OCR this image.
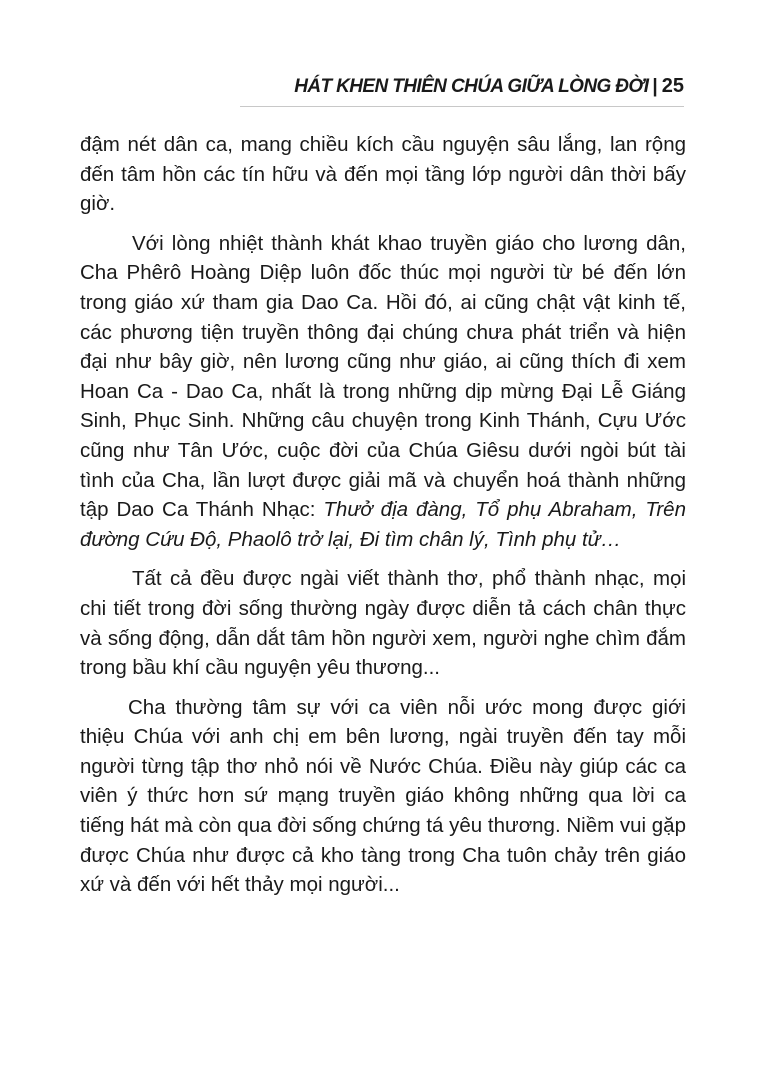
HÁT KHEN THIÊN CHÚA GIỮA LÒNG ĐỜI | 25

đậm nét dân ca, mang chiều kích cầu nguyện sâu lắng, lan rộng đến tâm hồn các tín hữu và đến mọi tầng lớp người dân thời bấy giờ.

Với lòng nhiệt thành khát khao truyền giáo cho lương dân, Cha Phêrô Hoàng Diệp luôn đốc thúc mọi người từ bé đến lớn trong giáo xứ tham gia Dao Ca. Hồi đó, ai cũng chật vật kinh tế, các phương tiện truyền thông đại chúng chưa phát triển và hiện đại như bây giờ, nên lương cũng như giáo, ai cũng thích đi xem Hoan Ca - Dao Ca, nhất là trong những dịp mừng Đại Lễ Giáng Sinh, Phục Sinh. Những câu chuyện trong Kinh Thánh, Cựu Ước cũng như Tân Ước, cuộc đời của Chúa Giêsu dưới ngòi bút tài tình của Cha, lần lượt được giải mã và chuyển hoá thành những tập Dao Ca Thánh Nhạc: Thưở địa đàng, Tổ phụ Abraham, Trên đường Cứu Độ, Phaolô trở lại, Đi tìm chân lý, Tình phụ tử…

Tất cả đều được ngài viết thành thơ, phổ thành nhạc, mọi chi tiết trong đời sống thường ngày được diễn tả cách chân thực và sống động, dẫn dắt tâm hồn người xem, người nghe chìm đắm trong bầu khí cầu nguyện yêu thương...

Cha thường tâm sự với ca viên nỗi ước mong được giới thiệu Chúa với anh chị em bên lương, ngài truyền đến tay mỗi người từng tập thơ nhỏ nói về Nước Chúa. Điều này giúp các ca viên ý thức hơn sứ mạng truyền giáo không những qua lời ca tiếng hát mà còn qua đời sống chứng tá yêu thương. Niềm vui gặp được Chúa như được cả kho tàng trong Cha tuôn chảy trên giáo xứ và đến với hết thảy mọi người...
